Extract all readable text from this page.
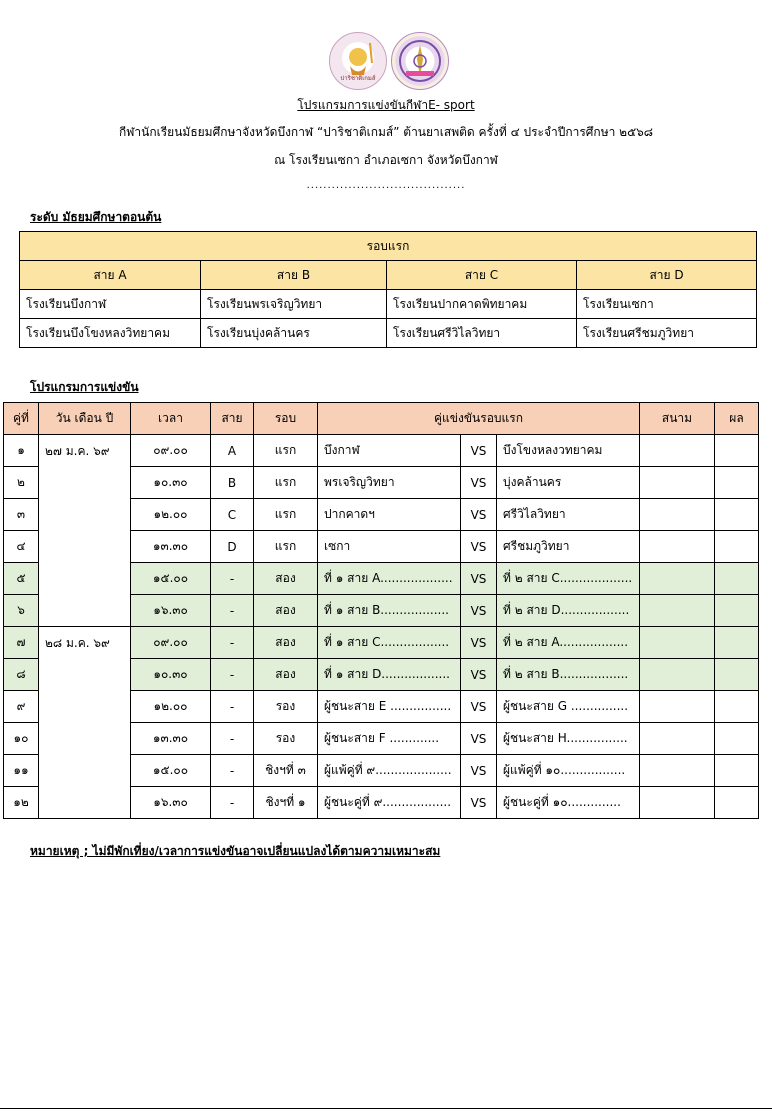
ปาริชาติเกมส์
โปรแกรมการแข่งขันกีฬาE- sport
กีฬานักเรียนมัธยมศึกษาจังหวัดบึงกาฬ “ปาริชาติเกมส์” ต้านยาเสพติด ครั้งที่ ๔ ประจำปีการศึกษา ๒๕๖๘
ณ โรงเรียนเซกา อำเภอเซกา จังหวัดบึงกาฬ
......................................
ระดับ มัธยมศึกษาตอนต้น
รอบแรก			
สาย A	สาย B	สาย C	สาย D
โรงเรียนบึงกาฬ	โรงเรียนพรเจริญวิทยา	โรงเรียนปากคาดพิทยาคม	โรงเรียนเซกา
โรงเรียนบึงโขงหลงวิทยาคม	โรงเรียนบุ่งคล้านคร	โรงเรียนศรีวิไลวิทยา	โรงเรียนศรีชมภูวิทยา
โปรแกรมการแข่งขัน
คู่ที่	วัน เดือน ปี	เวลา	สาย	รอบ	คู่แข่งขันรอบแรก			สนาม	ผล
๑	๒๗ ม.ค. ๖๙	๐๙.๐๐	A	แรก	บึงกาฬ	VS	บึงโขงหลงวทยาคม		
๒		๑๐.๓๐	B	แรก	พรเจริญวิทยา	VS	บุ่งคล้านคร		
๓		๑๒.๐๐	C	แรก	ปากคาดฯ	VS	ศรีวิไลวิทยา		
๔		๑๓.๓๐	D	แรก	เซกา	VS	ศรีชมภูวิทยา		
๕		๑๕.๐๐	-	สอง	ที่ ๑ สาย A...................	VS	ที่ ๒ สาย C...................		
๖		๑๖.๓๐	-	สอง	ที่ ๑ สาย B..................	VS	ที่ ๒ สาย D..................		
๗	๒๘ ม.ค. ๖๙	๐๙.๐๐	-	สอง	ที่ ๑ สาย C..................	VS	ที่ ๒ สาย A..................		
๘		๑๐.๓๐	-	สอง	ที่ ๑ สาย D..................	VS	ที่ ๒ สาย B..................		
๙		๑๒.๐๐	-	รอง	ผู้ชนะสาย E ................	VS	ผู้ชนะสาย G ...............		
๑๐		๑๓.๓๐	-	รอง	ผู้ชนะสาย F .............	VS	ผู้ชนะสาย H................		
๑๑		๑๕.๐๐	-	ชิงฯที่ ๓	ผู้แพ้คู่ที่ ๙....................	VS	ผู้แพ้คู่ที่ ๑๐.................		
๑๒		๑๖.๓๐	-	ชิงฯที่ ๑	ผู้ชนะคู่ที่ ๙..................	VS	ผู้ชนะคู่ที่ ๑๐..............		
หมายเหตุ ; ไม่มีพักเที่ยง/เวลาการแข่งขันอาจเปลี่ยนแปลงได้ตามความเหมาะสม
